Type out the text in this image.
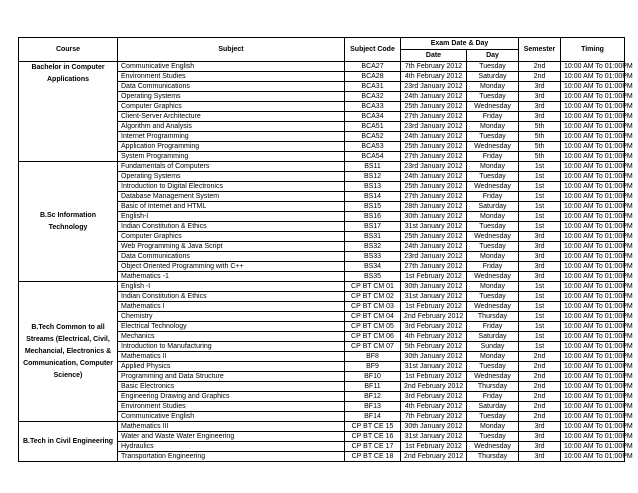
Course	Subject	Subject Code	Exam Date & Day		Semester	Timing
			Date	Day		
Bachelor in Computer Applications	Communicative English	BCA27	7th February 2012	Tuesday	2nd	10:00 AM To 01:00PM
	Environment Studies	BCA28	4th February 2012	Saturday	2nd	10:00 AM To 01:00PM
	Data Communications	BCA31	23rd January 2012	Monday	3rd	10:00 AM To 01:00PM
	Operating Systems	BCA32	24th January 2012	Tuesday	3rd	10:00 AM To 01:00PM
	Computer Graphics	BCA33	25th January 2012	Wednesday	3rd	10:00 AM To 01:00PM
	Client-Server Architecture	BCA34	27th January 2012	Friday	3rd	10:00 AM To 01:00PM
	Algorithm and Analysis	BCA51	23rd January 2012	Monday	5th	10:00 AM To 01:00PM
	Internet Programming	BCA52	24th January 2012	Tuesday	5th	10:00 AM To 01:00PM
	Application Programming	BCA53	25th January 2012	Wednesday	5th	10:00 AM To 01:00PM
	System Programming	BCA54	27th January 2012	Friday	5th	10:00 AM To 01:00PM
B.Sc Information Technology	Fundamentals of Computers	BS11	23rd January 2012	Monday	1st	10:00 AM To 01:00PM
	Operating Systems	BS12	24th January 2012	Tuesday	1st	10:00 AM To 01:00PM
	Introduction to Digital Electronics	BS13	25th January 2012	Wednesday	1st	10:00 AM To 01:00PM
	Database Management System	BS14	27th January 2012	Friday	1st	10:00 AM To 01:00PM
	Basic of Internet and HTML	BS15	28th January 2012	Saturday	1st	10:00 AM To 01:00PM
	English-I	BS16	30th January 2012	Monday	1st	10:00 AM To 01:00PM
	Indian Constitution & Ethics	BS17	31st January 2012	Tuesday	1st	10:00 AM To 01:00PM
	Computer Graphics	BS31	25th January 2012	Wednesday	3rd	10:00 AM To 01:00PM
	Web Programming & Java Script	BS32	24th January 2012	Tuesday	3rd	10:00 AM To 01:00PM
	Data Communications	BS33	23rd January 2012	Monday	3rd	10:00 AM To 01:00PM
	Object Oriented Programming with C++	BS34	27th January 2012	Friday	3rd	10:00 AM To 01:00PM
	Mathematics -1	BS35	1st February 2012	Wednesday	3rd	10:00 AM To 01:00PM
B.Tech Common to all Streams (Electrical, Civil, Mechancial, Electronics & Communication, Computer Science)	English -I	CP BT CM 01	30th January 2012	Monday	1st	10:00 AM To 01:00PM
	Indian Constitution & Ethics	CP BT CM 02	31st January 2012	Tuesday	1st	10:00 AM To 01:00PM
	Mathematics I	CP BT CM 03	1st February 2012	Wednesday	1st	10:00 AM To 01:00PM
	Chemistry	CP BT CM 04	2nd February 2012	Thursday	1st	10:00 AM To 01:00PM
	Electrical Technology	CP BT CM 05	3rd February 2012	Friday	1st	10:00 AM To 01:00PM
	Mechanics	CP BT CM 06	4th February 2012	Saturday	1st	10:00 AM To 01:00PM
	Introduction to Manufacturing	CP BT CM 07	5th February 2012	Sunday	1st	10:00 AM To 01:00PM
	Mathematics II	BF8	30th January 2012	Monday	2nd	10:00 AM To 01:00PM
	Applied Physics	BF9	31st January 2012	Tuesday	2nd	10:00 AM To 01:00PM
	Programming and Data Structure	BF10	1st February 2012	Wednesday	2nd	10:00 AM To 01:00PM
	Basic Electronics	BF11	2nd February 2012	Thursday	2nd	10:00 AM To 01:00PM
	Engineering Drawing and Graphics	BF12	3rd February 2012	Friday	2nd	10:00 AM To 01:00PM
	Environment Studies	BF13	4th February 2012	Saturday	2nd	10:00 AM To 01:00PM
	Communicative English	BF14	7th February 2012	Tuesday	2nd	10:00 AM To 01:00PM
B.Tech in Civil Engineering	Mathematics III	CP BT CE 15	30th January 2012	Monday	3rd	10:00 AM To 01:00PM
	Water and Waste Water Engineering	CP BT CE 16	31st January 2012	Tuesday	3rd	10:00 AM To 01:00PM
	Hydraulics	CP BT CE 17	1st February 2012	Wednesday	3rd	10:00 AM To 01:00PM
	Transportation Engineering	CP BT CE 18	2nd February 2012	Thursday	3rd	10:00 AM To 01:00PM
